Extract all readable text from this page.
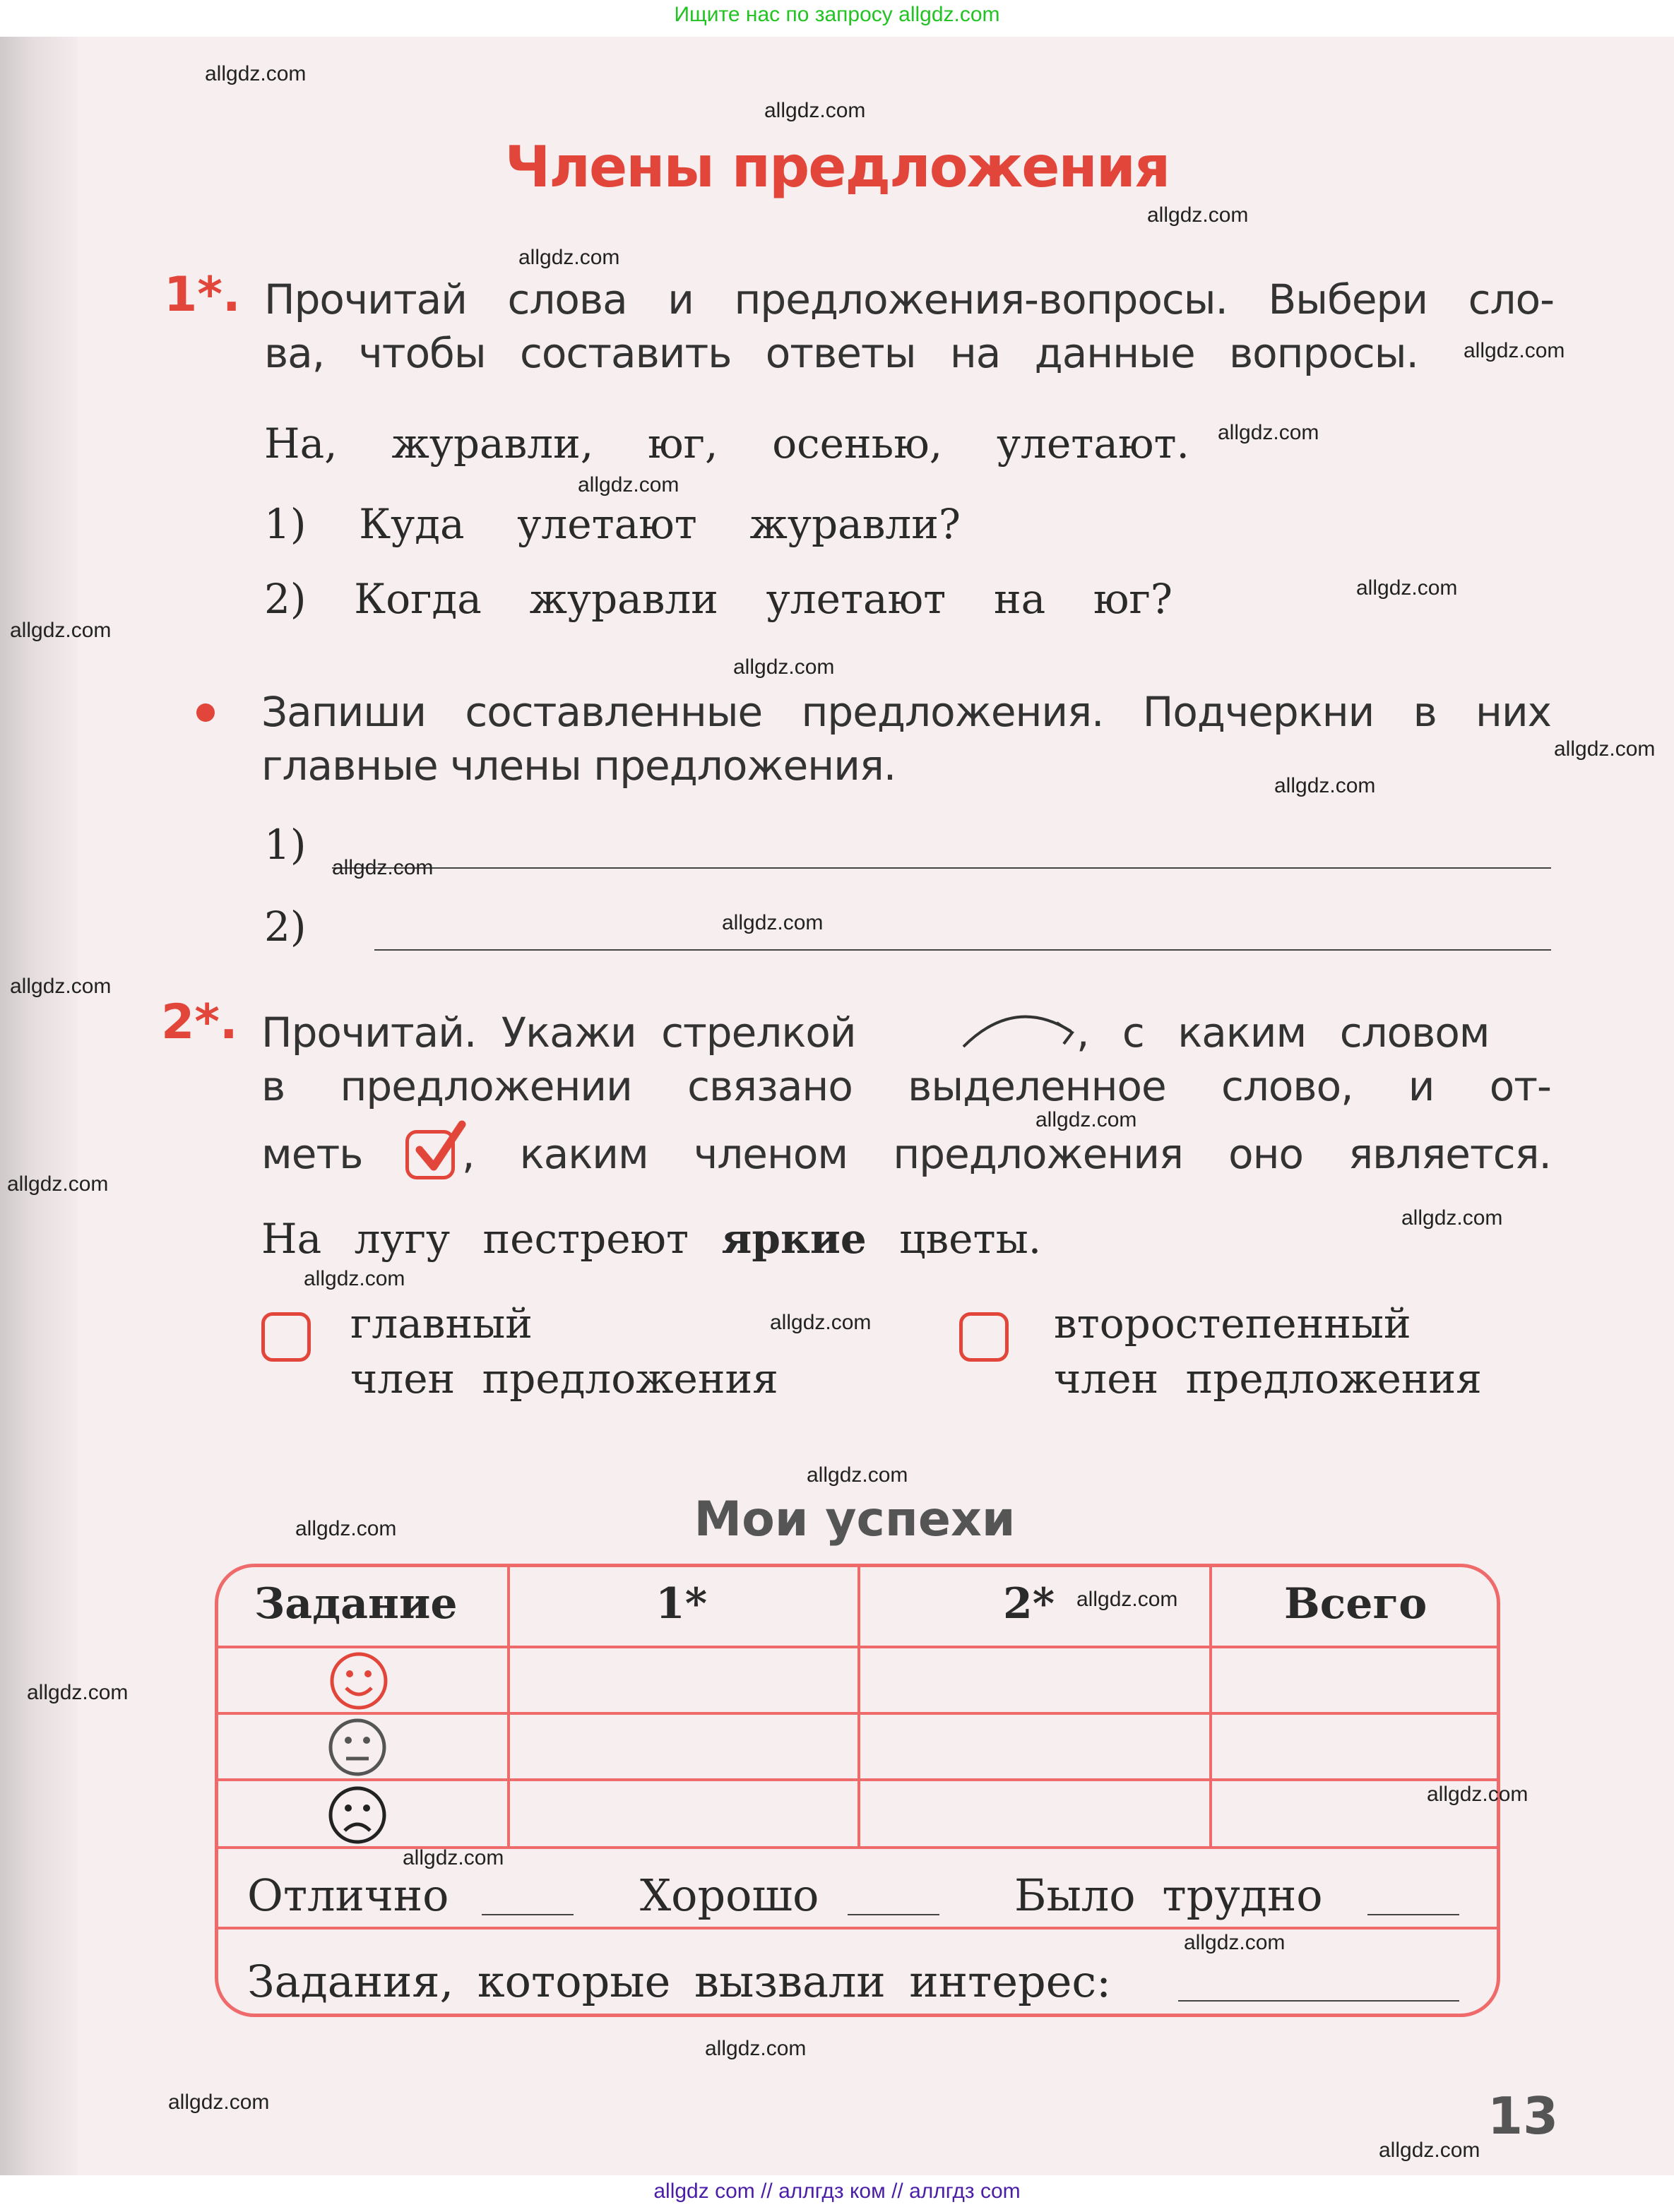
Ищите нас по запросу allgdz.com
Члены предложения
1*. Прочитай слова и предложения-вопросы. Выбери сло-
ва, чтобы составить ответы на данные вопросы.
На, журавли, юг, осенью, улетают.
1) Куда улетают журавли?
2) Когда журавли улетают на юг?
Запиши составленные предложения. Подчеркни в них
главные члены предложения.
1)
2)
2*. Прочитай. Укажи стрелкой	, с каким словом
в предложении связано выделенное слово, и от-
меть , каким членом предложения оно является.
На лугу пестреют яркие цветы.
главный
член предложения
второстепенный
член предложения
Мои успехи
Задание	1*	2*	Всего
Отлично	Хорошо	Было трудно
Задания, которые вызвали интерес:
13
allgdz.com
allgdz.com
allgdz.com
allgdz.com
allgdz.com
allgdz.com
allgdz.com
allgdz.com
allgdz.com
allgdz.com
allgdz.com
allgdz.com
allgdz.com
allgdz.com
allgdz.com
allgdz.com
allgdz.com
allgdz.com
allgdz.com
allgdz.com
allgdz.com
allgdz.com
allgdz.com
allgdz.com
allgdz.com
allgdz.com
allgdz.com
allgdz.com
allgdz.com
allgdz.com
allgdz com // аллгдз ком // аллгдз com
